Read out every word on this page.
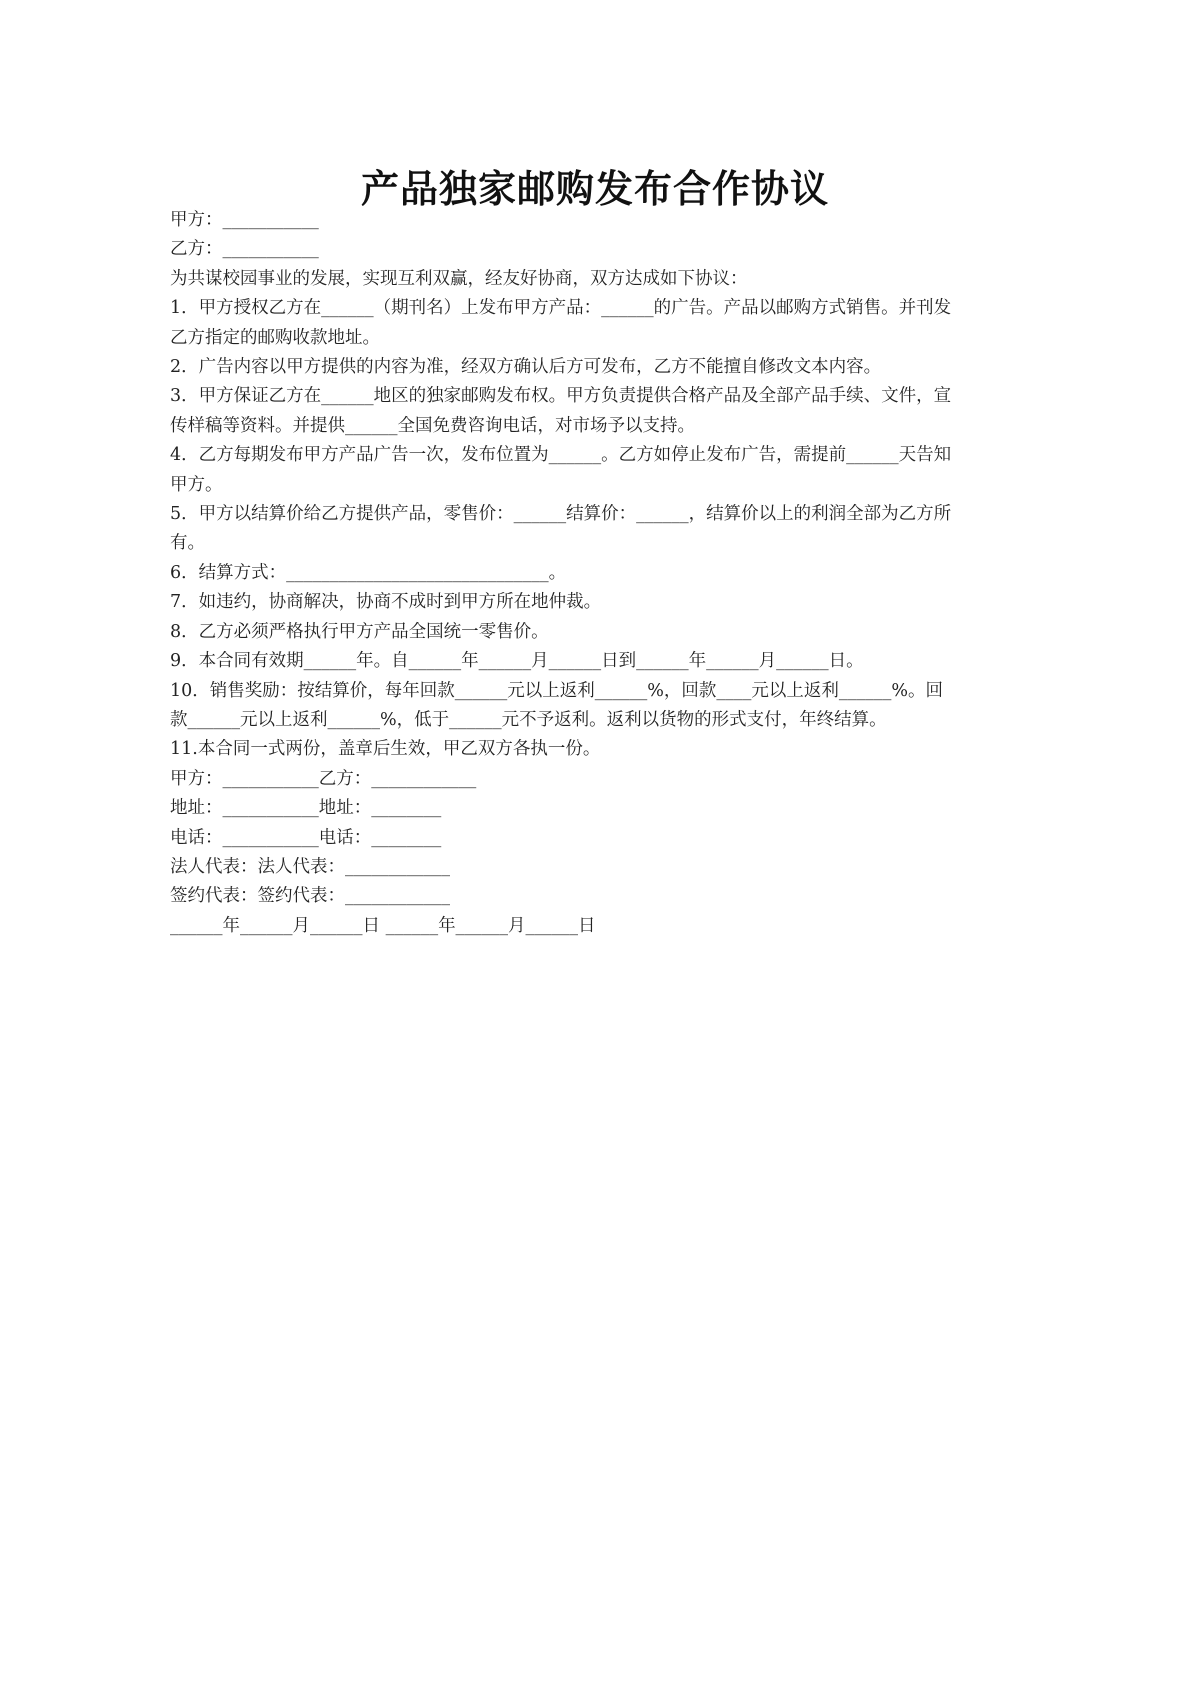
产品独家邮购发布合作协议

甲方：___________

乙方：___________

为共谋校园事业的发展，实现互利双赢，经友好协商，双方达成如下协议：

1．甲方授权乙方在______（期刊名）上发布甲方产品：______的广告。产品以邮购方式销售。并刊发乙方指定的邮购收款地址。

2．广告内容以甲方提供的内容为准，经双方确认后方可发布，乙方不能擅自修改文本内容。

3．甲方保证乙方在______地区的独家邮购发布权。甲方负责提供合格产品及全部产品手续、文件，宣传样稿等资料。并提供______全国免费咨询电话，对市场予以支持。

4．乙方每期发布甲方产品广告一次，发布位置为______。乙方如停止发布广告，需提前______天告知甲方。

5．甲方以结算价给乙方提供产品，零售价：______结算价：______，结算价以上的利润全部为乙方所有。

6．结算方式：______________________________。

7．如违约，协商解决，协商不成时到甲方所在地仲裁。

8．乙方必须严格执行甲方产品全国统一零售价。

9．本合同有效期______年。自______年______月______日到______年______月______日。

10．销售奖励：按结算价，每年回款______元以上返利______%，回款____元以上返利______%。回款______元以上返利______%，低于______元不予返利。返利以货物的形式支付，年终结算。

11.本合同一式两份，盖章后生效，甲乙双方各执一份。

甲方：___________乙方：____________

地址：___________地址：________

电话：___________电话：________

法人代表：法人代表：____________

签约代表：签约代表：____________

______年______月______日 ______年______月______日
